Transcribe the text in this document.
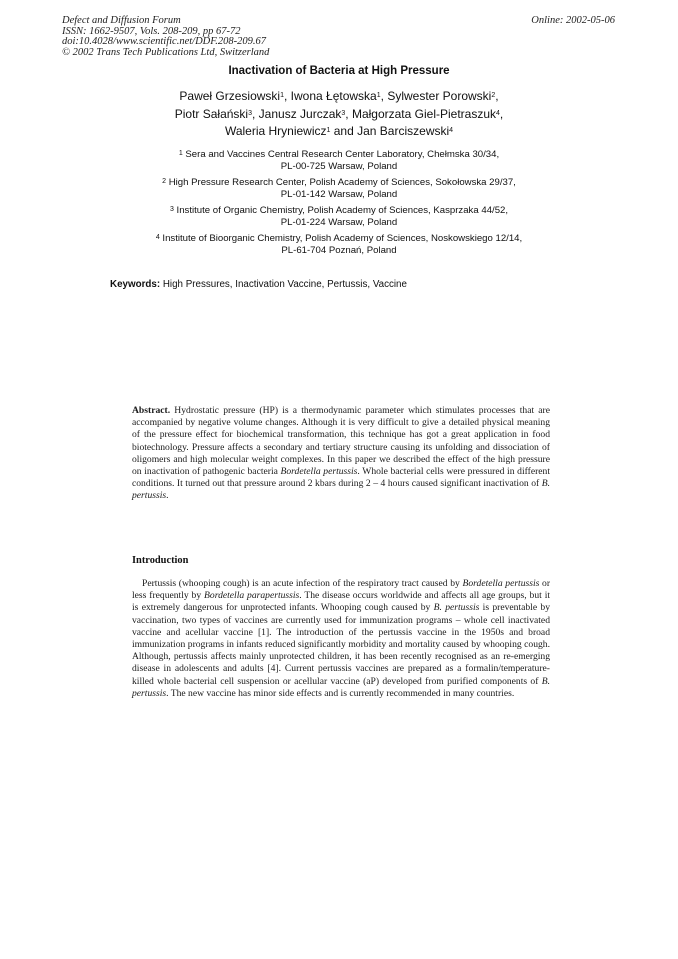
Defect and Diffusion Forum
ISSN: 1662-9507, Vols. 208-209, pp 67-72
doi:10.4028/www.scientific.net/DDF.208-209.67
© 2002 Trans Tech Publications Ltd, Switzerland
Online: 2002-05-06
Inactivation of Bacteria at High Pressure
Paweł Grzesiowski$^1$, Iwona Łętowska$^1$, Sylwester Porowski$^2$,
Piotr Sałański$^3$, Janusz Jurczak$^3$, Małgorzata Giel-Pietraszuk$^4$,
Waleria Hryniewicz$^1$ and Jan Barciszewski$^4$
$^1$ Sera and Vaccines Central Research Center Laboratory, Chełmska 30/34,
PL-00-725 Warsaw, Poland
$^2$ High Pressure Research Center, Polish Academy of Sciences, Sokołowska 29/37,
PL-01-142 Warsaw, Poland
$^3$ Institute of Organic Chemistry, Polish Academy of Sciences, Kasprzaka 44/52,
PL-01-224 Warsaw, Poland
$^4$ Institute of Bioorganic Chemistry, Polish Academy of Sciences, Noskowskiego 12/14,
PL-61-704 Poznań, Poland
Keywords: High Pressures, Inactivation Vaccine, Pertussis, Vaccine
Abstract. Hydrostatic pressure (HP) is a thermodynamic parameter which stimulates processes that are accompanied by negative volume changes. Although it is very difficult to give a detailed physical meaning of the pressure effect for biochemical transformation, this technique has got a great application in food biotechnology. Pressure affects a secondary and tertiary structure causing its unfolding and dissociation of oligomers and high molecular weight complexes. In this paper we described the effect of the high pressure on inactivation of pathogenic bacteria Bordetella pertussis. Whole bacterial cells were pressured in different conditions. It turned out that pressure around 2 kbars during 2 – 4 hours caused significant inactivation of B. pertussis.
Introduction
Pertussis (whooping cough) is an acute infection of the respiratory tract caused by Bordetella pertussis or less frequently by Bordetella parapertussis. The disease occurs worldwide and affects all age groups, but it is extremely dangerous for unprotected infants. Whooping cough caused by B. pertussis is preventable by vaccination, two types of vaccines are currently used for immunization programs – whole cell inactivated vaccine and acellular vaccine [1]. The introduction of the pertussis vaccine in the 1950s and broad immunization programs in infants reduced significantly morbidity and mortality caused by whooping cough. Although, pertussis affects mainly unprotected children, it has been recently recognised as an re-emerging disease in adolescents and adults [4]. Current pertussis vaccines are prepared as a formalin/temperature-killed whole bacterial cell suspension or acellular vaccine (aP) developed from purified components of B. pertussis. The new vaccine has minor side effects and is currently recommended in many countries.
